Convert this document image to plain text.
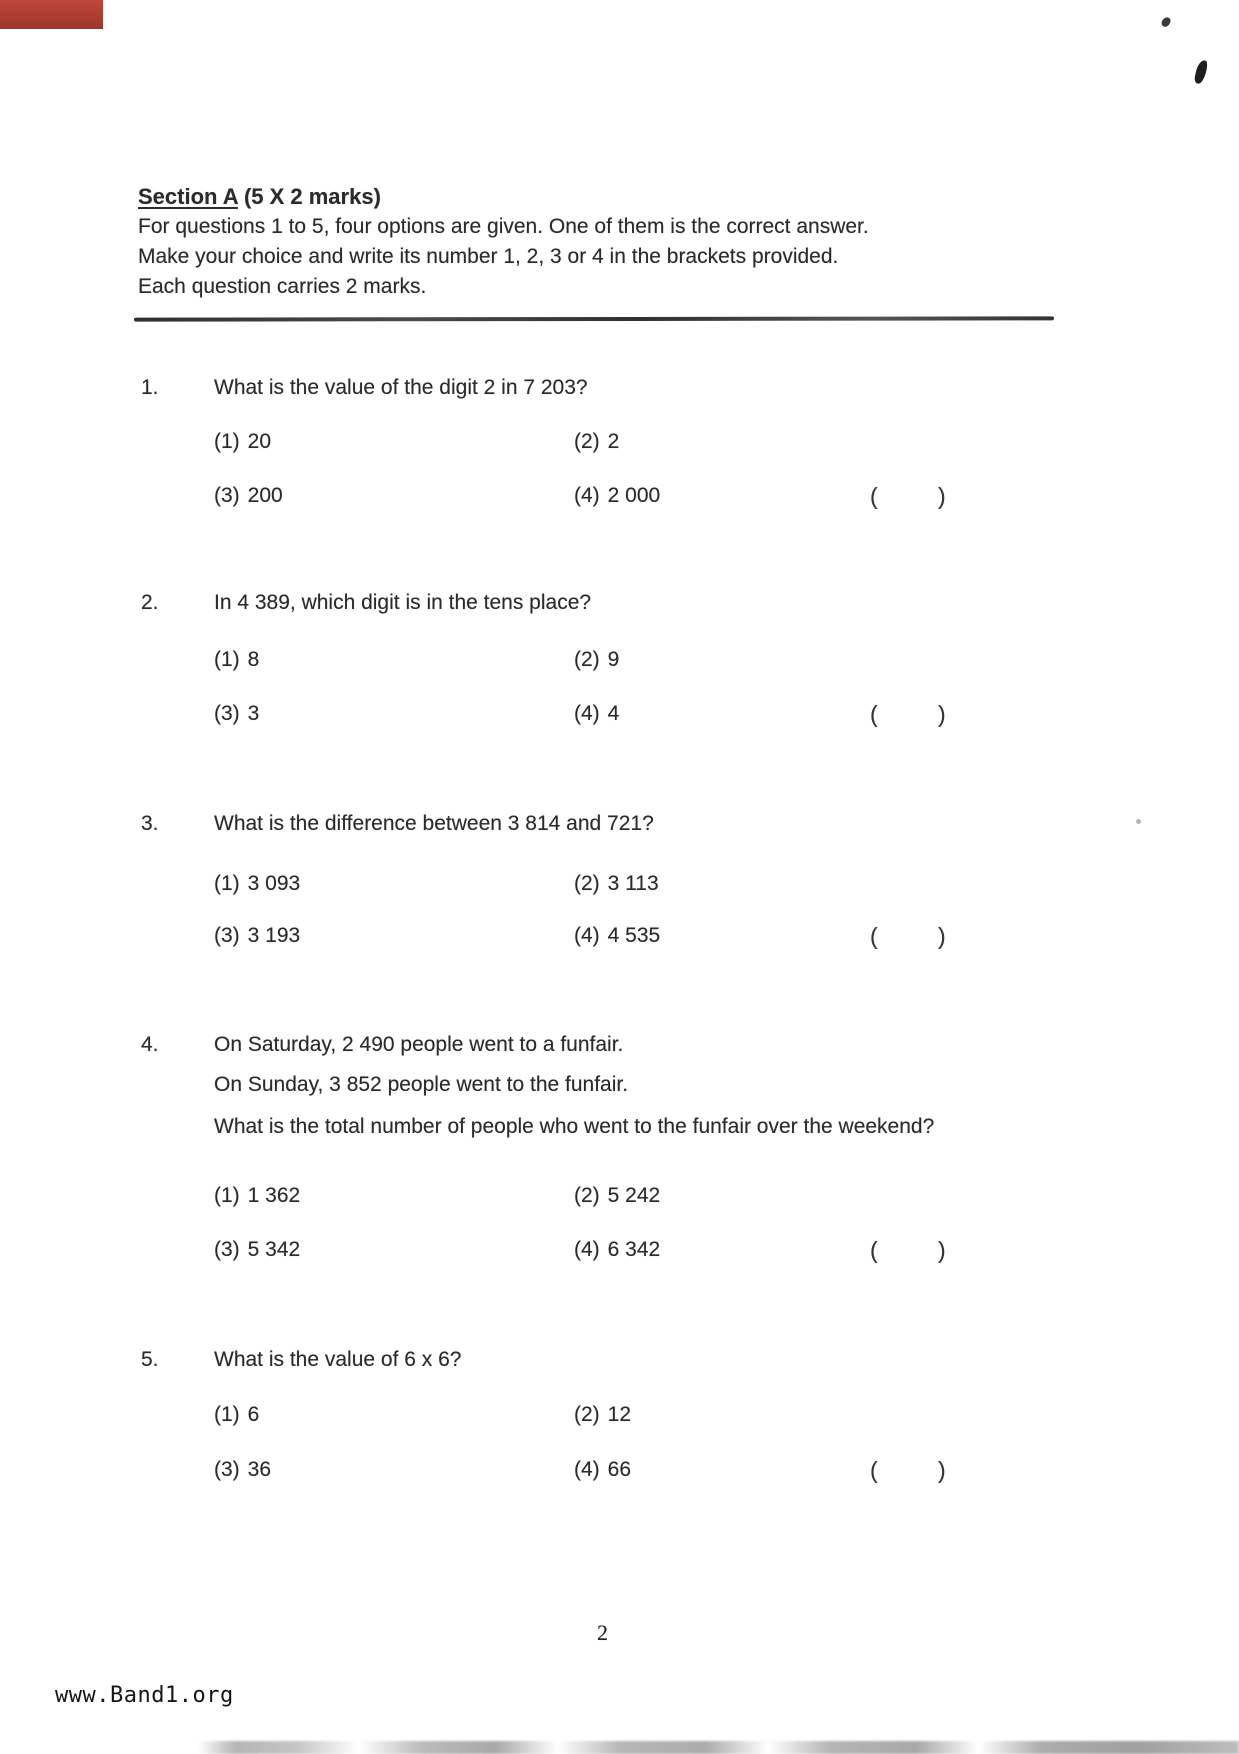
Section A (5 X 2 marks)
For questions 1 to 5, four options are given. One of them is the correct answer.
Make your choice and write its number 1, 2, 3 or 4 in the brackets provided.
Each question carries 2 marks.
1.
(1) 20	(2) 2
(3) 200	(4) 2 000	(	)
What is the value of the digit 2 in 7 203?
2.
(1) 8	(2) 9
(3) 3	(4) 4	(	)
In 4 389, which digit is in the tens place?
3.
(1) 3 093	(2) 3 113
(3) 3 193	(4) 4 535	(	)
What is the difference between 3 814 and 721?
4.
(1) 1 362	(2) 5 242
(3) 5 342	(4) 6 342	(	)
On Saturday, 2 490 people went to a funfair.
On Sunday, 3 852 people went to the funfair.
What is the total number of people who went to the funfair over the weekend?
5.
(1) 6	(2) 12
(3) 36	(4) 66	(	)
What is the value of 6 x 6?
2
www.Band1.org
